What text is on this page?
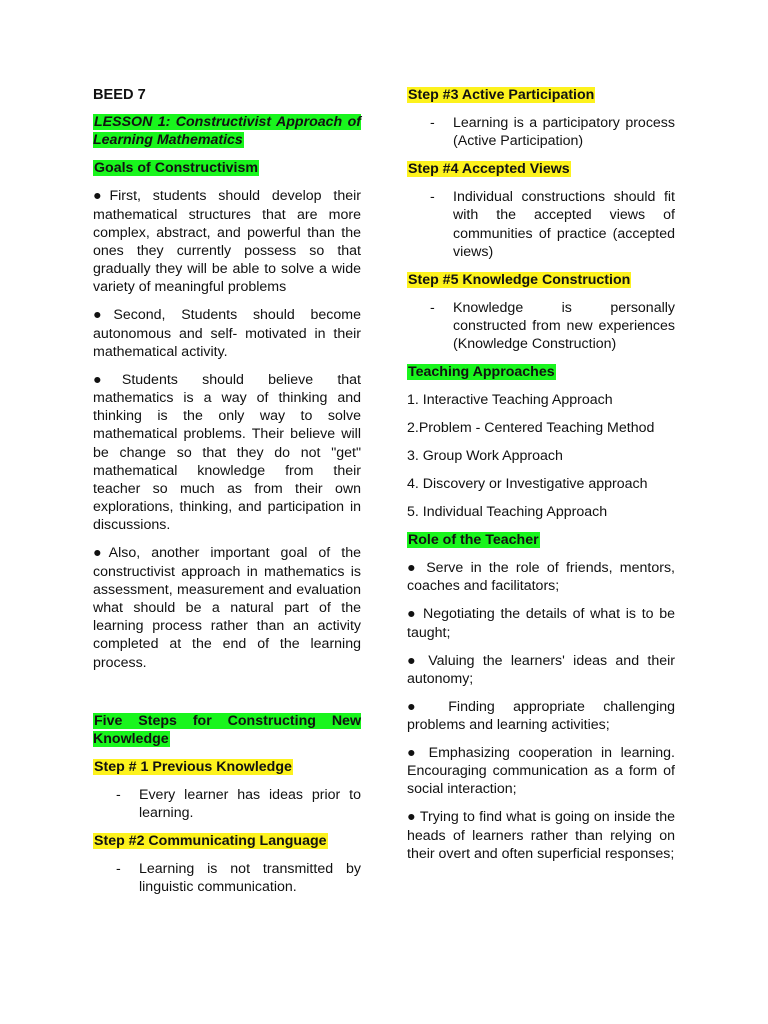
BEED 7

LESSON 1: Constructivist Approach of Learning Mathematics

Goals of Constructivism

●First, students should develop their mathematical structures that are more complex, abstract, and powerful than the ones they currently possess so that gradually they will be able to solve a wide variety of meaningful problems

●Second, Students should become autonomous and self- motivated in their mathematical activity.

●Students should believe that mathematics is a way of thinking and thinking is the only way to solve mathematical problems. Their believe will be change so that they do not "get" mathematical knowledge from their teacher so much as from their own explorations, thinking, and participation in discussions.

●Also, another important goal of the constructivist approach in mathematics is assessment, measurement and evaluation what should be a natural part of the learning process rather than an activity completed at the end of the learning process.

Five Steps for Constructing New Knowledge

Step # 1 Previous Knowledge

-	Every learner has ideas prior to learning.

Step #2 Communicating Language

-	Learning is not transmitted by linguistic communication.

Step #3 Active Participation

-	Learning is a participatory process (Active Participation)

Step #4 Accepted Views

-	Individual constructions should fit with the accepted views of communities of practice (accepted views)

Step #5 Knowledge Construction

-	Knowledge is personally constructed from new experiences (Knowledge Construction)

Teaching Approaches

1. Interactive Teaching Approach

2.Problem - Centered Teaching Method

3. Group Work Approach

4. Discovery or Investigative approach

5. Individual Teaching Approach

Role of the Teacher

● Serve in the role of friends, mentors, coaches and facilitators;

● Negotiating the details of what is to be taught;

● Valuing the learners' ideas and their autonomy;

● Finding appropriate challenging problems and learning activities;

● Emphasizing cooperation in learning. Encouraging communication as a form of social interaction;

● Trying to find what is going on inside the heads of learners rather than relying on their overt and often superficial responses;
